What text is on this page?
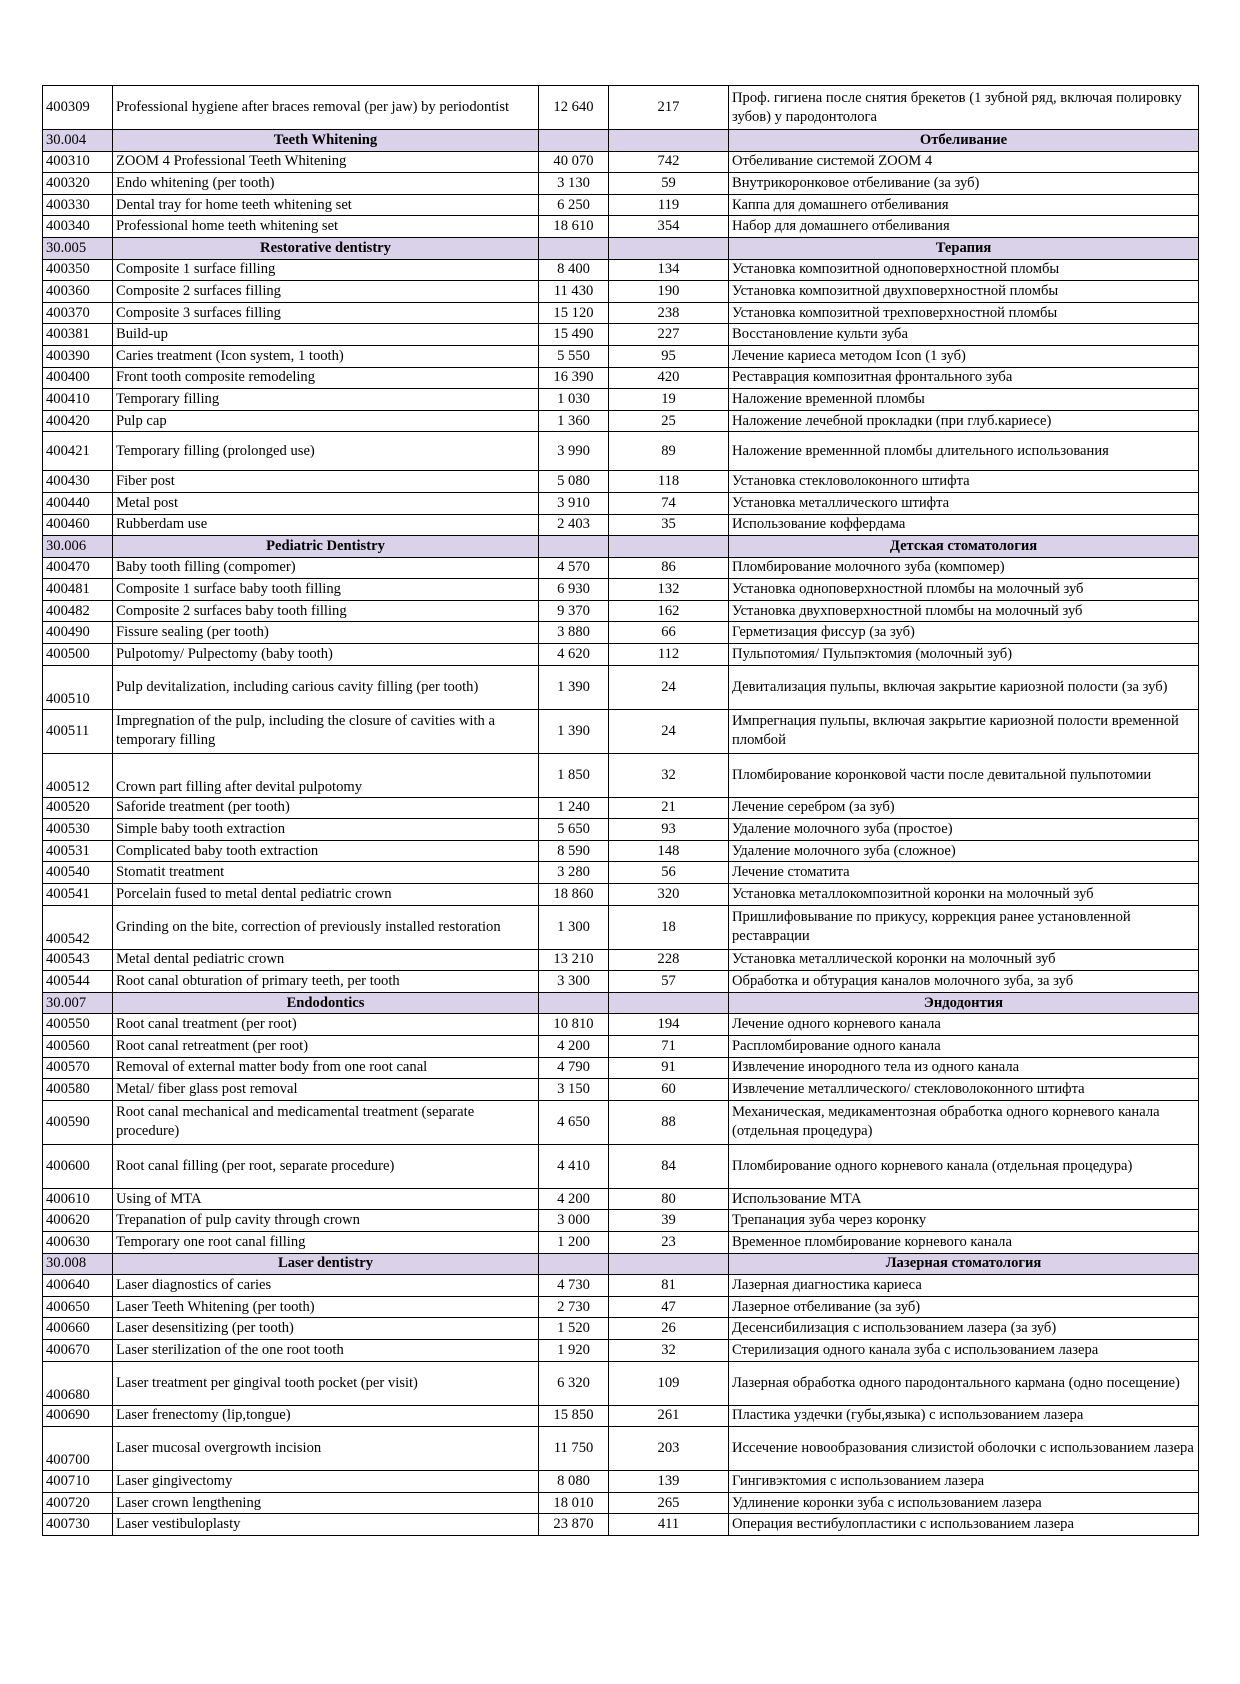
400309	Professional hygiene after braces removal (per jaw) by periodontist	12 640	217	Проф. гигиена после снятия брекетов (1 зубной ряд, включая полировку зубов) у пародонтолога
30.004	Teeth Whitening			Отбеливание
400310	ZOOM 4 Professional Teeth Whitening	40 070	742	Отбеливание системой ZOOM 4
400320	Endo whitening (per tooth)	3 130	59	Внутрикоронковое отбеливание (за зуб)
400330	Dental tray for home teeth whitening set	6 250	119	Каппа для домашнего отбеливания
400340	Professional home teeth whitening set	18 610	354	Набор для домашнего отбеливания
30.005	Restorative dentistry			Терапия
400350	Composite 1 surface filling	8 400	134	Установка композитной одноповерхностной пломбы
400360	Composite 2 surfaces filling	11 430	190	Установка композитной двухповерхностной пломбы
400370	Composite 3 surfaces filling	15 120	238	Установка композитной трехповерхностной пломбы
400381	Build-up	15 490	227	Восстановление культи зуба
400390	Caries treatment (Icon system, 1 tooth)	5 550	95	Лечение кариеса методом Icon (1 зуб)
400400	Front tooth composite remodeling	16 390	420	Реставрация композитная фронтального зуба
400410	Temporary filling	1 030	19	Наложение временной пломбы
400420	Pulp cap	1 360	25	Наложение лечебной прокладки (при глуб.кариесе)
400421	Temporary filling (prolonged use)	3 990	89	Наложение временнной пломбы длительного использования
400430	Fiber post	5 080	118	Установка стекловолоконного штифта
400440	Metal post	3 910	74	Установка металлического штифта
400460	Rubberdam use	2 403	35	Использование коффердама
30.006	Pediatric Dentistry			Детская стоматология
400470	Baby tooth filling (compomer)	4 570	86	Пломбирование молочного зуба (компомер)
400481	Composite 1 surface baby tooth filling	6 930	132	Установка одноповерхностной пломбы на молочный зуб
400482	Composite 2 surfaces baby tooth filling	9 370	162	Установка двухповерхностной пломбы на молочный зуб
400490	Fissure sealing (per tooth)	3 880	66	Герметизация фиссур (за зуб)
400500	Pulpotomy/ Pulpectomy (baby tooth)	4 620	112	Пульпотомия/ Пульпэктомия (молочный зуб)
400510	Pulp devitalization, including carious cavity filling (per tooth)	1 390	24	Девитализация пульпы, включая закрытие кариозной полости (за зуб)
400511	Impregnation of the pulp, including the closure of cavities with a temporary filling	1 390	24	Импрегнация пульпы, включая закрытие кариозной полости временной пломбой
400512	Crown part filling after devital pulpotomy	1 850	32	Пломбирование коронковой части после девитальной пульпотомии
400520	Saforide treatment (per tooth)	1 240	21	Лечение серебром (за зуб)
400530	Simple baby tooth extraction	5 650	93	Удаление молочного зуба (простое)
400531	Complicated baby tooth extraction	8 590	148	Удаление молочного зуба (сложное)
400540	Stomatit treatment	3 280	56	Лечение стоматита
400541	Porcelain fused to metal dental pediatric crown	18 860	320	Установка металлокомпозитной коронки на молочный зуб
400542	Grinding on the bite, correction of previously installed restoration	1 300	18	Пришлифовывание по прикусу, коррекция ранее установленной реставрации
400543	Metal dental pediatric crown	13 210	228	Установка металлической коронки на молочный зуб
400544	Root canal obturation of primary teeth, per tooth	3 300	57	Обработка и обтурация каналов молочного зуба, за зуб
30.007	Endodontics			Эндодонтия
400550	Root canal treatment (per root)	10 810	194	Лечение одного корневого канала
400560	Root canal retreatment (per root)	4 200	71	Распломбирование одного канала
400570	Removal of external matter body from one root canal	4 790	91	Извлечение инородного тела из одного канала
400580	Metal/ fiber glass post removal	3 150	60	Извлечение металлического/ стекловолоконного штифта
400590	Root canal mechanical and medicamental treatment (separate procedure)	4 650	88	Механическая, медикаментозная обработка одного корневого канала (отдельная процедура)
400600	Root canal filling (per root, separate procedure)	4 410	84	Пломбирование одного корневого канала (отдельная процедура)
400610	Using of MTA	4 200	80	Использование МТА
400620	Trepanation of pulp cavity through crown	3 000	39	Трепанация зуба через коронку
400630	Temporary one root canal filling	1 200	23	Временное пломбирование корневого канала
30.008	Laser dentistry			Лазерная стоматология
400640	Laser diagnostics of caries	4 730	81	Лазерная диагностика кариеса
400650	Laser Teeth Whitening (per tooth)	2 730	47	Лазерное отбеливание (за зуб)
400660	Laser desensitizing (per tooth)	1 520	26	Десенсибилизация с использованием лазера (за зуб)
400670	Laser sterilization of the one root tooth	1 920	32	Стерилизация одного канала зуба с использованием лазера
400680	Laser treatment per gingival tooth pocket (per visit)	6 320	109	Лазерная обработка одного пародонтального кармана (одно посещение)
400690	Laser frenectomy (lip,tongue)	15 850	261	Пластика уздечки (губы,языка) с использованием лазера
400700	Laser mucosal overgrowth incision	11 750	203	Иссечение новообразования слизистой оболочки с использованием лазера
400710	Laser gingivectomy	8 080	139	Гингивэктомия с использованием лазера
400720	Laser crown lengthening	18 010	265	Удлинение коронки зуба с использованием лазера
400730	Laser vestibuloplasty	23 870	411	Операция вестибулопластики с использованием лазера
